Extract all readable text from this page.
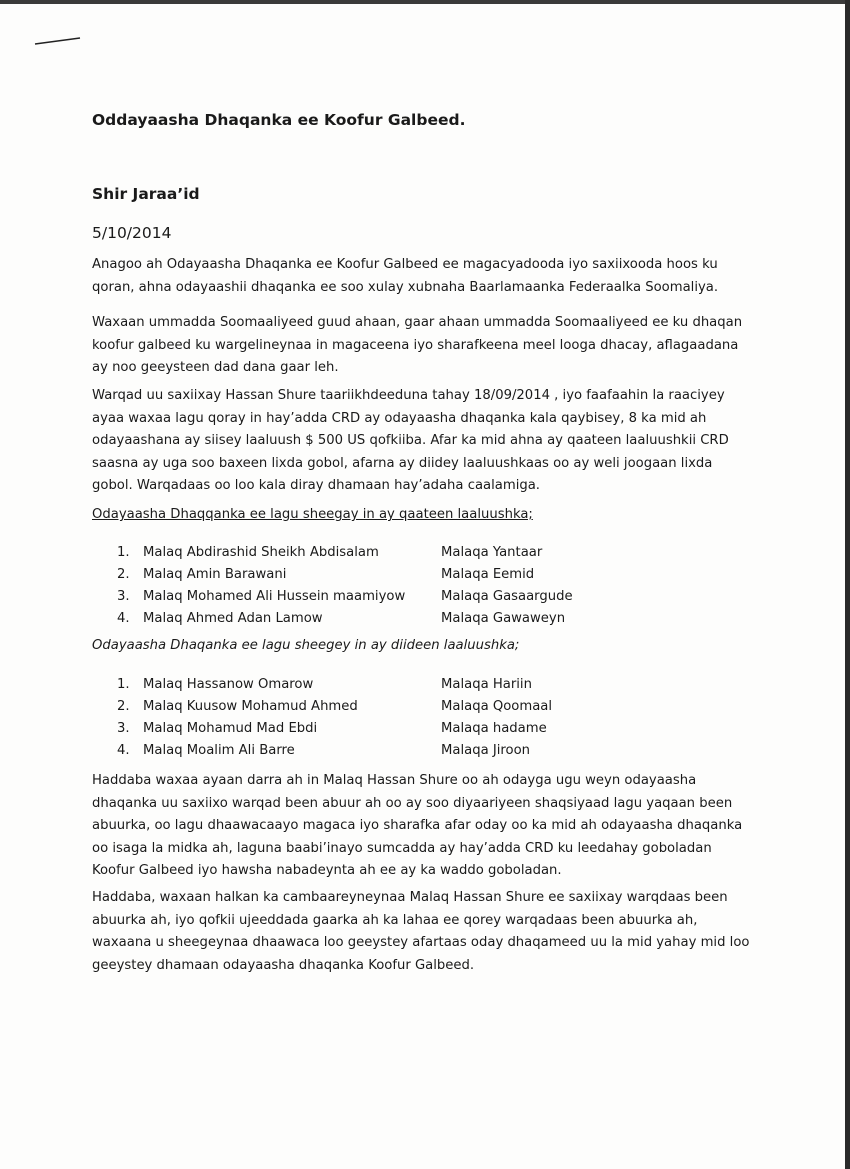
Oddayaasha Dhaqanka ee Koofur Galbeed.
Shir Jaraa’id
5/10/2014

Anagoo ah Odayaasha Dhaqanka ee Koofur Galbeed ee magacyadooda iyo saxiixooda hoos ku qoran, ahna odayaashii dhaqanka ee soo xulay xubnaha Baarlamaanka Federaalka Soomaliya.

Waxaan ummadda Soomaaliyeed guud ahaan, gaar ahaan ummadda Soomaaliyeed ee ku dhaqan koofur galbeed ku wargelineynaa in magaceena iyo sharafkeena meel looga dhacay, aflagaadana ay noo geeysteen dad dana gaar leh.

Warqad uu saxiixay Hassan Shure taariikhdeeduna tahay 18/09/2014 , iyo faafaahin la raaciyey ayaa waxaa lagu qoray in hay’adda CRD ay odayaasha dhaqanka kala qaybisey, 8 ka mid ah odayaashana ay siisey laaluush $ 500 US qofkiiba. Afar ka mid ahna ay qaateen laaluushkii CRD saasna ay uga soo baxeen lixda gobol, afarna ay diidey laaluushkaas oo ay weli joogaan lixda gobol. Warqadaas oo loo kala diray dhamaan hay’adaha caalamiga.

Odayaasha Dhaqqanka ee lagu sheegay in ay qaateen laaluushka;
1.	Malaq Abdirashid Sheikh Abdisalam	Malaqa Yantaar
2.	Malaq Amin Barawani	Malaqa Eemid
3.	Malaq Mohamed Ali Hussein maamiyow	Malaqa Gasaargude
4.	Malaq Ahmed Adan Lamow	Malaqa Gawaweyn
Odayaasha Dhaqanka ee lagu sheegey in ay diideen laaluushka;
1.	Malaq Hassanow Omarow	Malaqa Hariin
2.	Malaq Kuusow Mohamud Ahmed	Malaqa Qoomaal
3.	Malaq Mohamud Mad Ebdi	Malaqa hadame
4.	Malaq Moalim Ali Barre	Malaqa Jiroon

Haddaba waxaa ayaan darra ah in Malaq Hassan Shure oo ah odayga ugu weyn odayaasha dhaqanka uu saxiixo warqad been abuur ah oo ay soo diyaariyeen shaqsiyaad lagu yaqaan been abuurka, oo lagu dhaawacaayo magaca iyo sharafka afar oday oo ka mid ah odayaasha dhaqanka oo isaga la midka ah, laguna baabi’inayo sumcadda ay hay’adda CRD ku leedahay goboladan Koofur Galbeed iyo hawsha nabadeynta ah ee ay ka waddo goboladan.

Haddaba, waxaan halkan ka cambaareyneynaa Malaq Hassan Shure ee saxiixay warqdaas been abuurka ah, iyo qofkii ujeeddada gaarka ah ka lahaa ee qorey warqadaas been abuurka ah, waxaana u sheegeynaa dhaawaca loo geeystey afartaas oday dhaqameed uu la mid yahay mid loo geeystey dhamaan odayaasha dhaqanka Koofur Galbeed.
